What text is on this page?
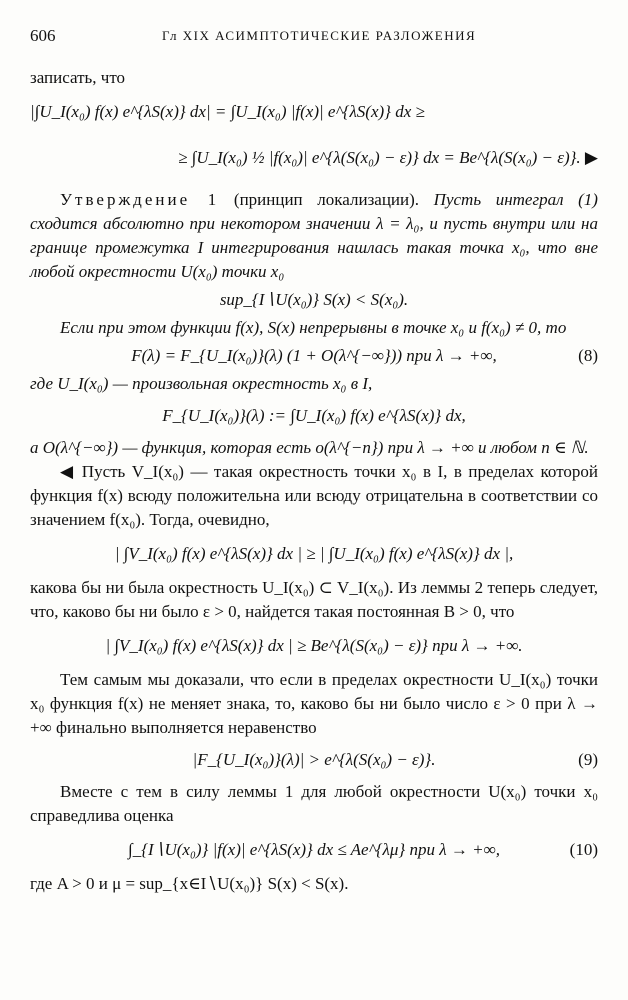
606	Гл XIX АСИМПТОТИЧЕСКИЕ РАЗЛОЖЕНИЯ

записать, что

|∫U_I(x₀) f(x) e^{λS(x)} dx| = ∫U_I(x₀) |f(x)| e^{λS(x)} dx ≥
≥ ∫U_I(x₀) ½ |f(x₀)| e^{λ(S(x₀) − ε)} dx = Be^{λ(S(x₀) − ε)}. ▶

Утверждение 1 (принцип локализации). Пусть интеграл (1) сходится абсолютно при некотором значении λ = λ₀, и пусть внутри или на границе промежутка I интегрирования нашлась такая точка x₀, что вне любой окрестности U(x₀) точки x₀

sup_{I∖U(x₀)} S(x) < S(x₀).

Если при этом функции f(x), S(x) непрерывны в точке x₀ и f(x₀) ≠ 0, то

F(λ) = F_{U_I(x₀)}(λ) (1 + O(λ^{−∞})) при λ → +∞,	(8)

где U_I(x₀) — произвольная окрестность x₀ в I,

F_{U_I(x₀)}(λ) := ∫U_I(x₀) f(x) e^{λS(x)} dx,

а O(λ^{−∞}) — функция, которая есть o(λ^{−n}) при λ → +∞ и любом n ∈ ℕ.

◀ Пусть V_I(x₀) — такая окрестность точки x₀ в I, в пределах которой функция f(x) всюду положительна или всюду отрицательна в соответствии со значением f(x₀). Тогда, очевидно,

| ∫V_I(x₀) f(x) e^{λS(x)} dx | ≥ | ∫U_I(x₀) f(x) e^{λS(x)} dx |,

какова бы ни была окрестность U_I(x₀) ⊂ V_I(x₀). Из леммы 2 теперь следует, что, каково бы ни было ε > 0, найдется такая постоянная B > 0, что

| ∫V_I(x₀) f(x) e^{λS(x)} dx | ≥ Be^{λ(S(x₀) − ε)} при λ → +∞.

Тем самым мы доказали, что если в пределах окрестности U_I(x₀) точки x₀ функция f(x) не меняет знака, то, каково бы ни было число ε > 0 при λ → +∞ финально выполняется неравенство

|F_{U_I(x₀)}(λ)| > e^{λ(S(x₀) − ε)}.	(9)

Вместе с тем в силу леммы 1 для любой окрестности U(x₀) точки x₀ справедлива оценка

∫_{I∖U(x₀)} |f(x)| e^{λS(x)} dx ≤ Ae^{λμ} при λ → +∞,	(10)

где A > 0 и μ = sup_{x∈I∖U(x₀)} S(x) < S(x).
